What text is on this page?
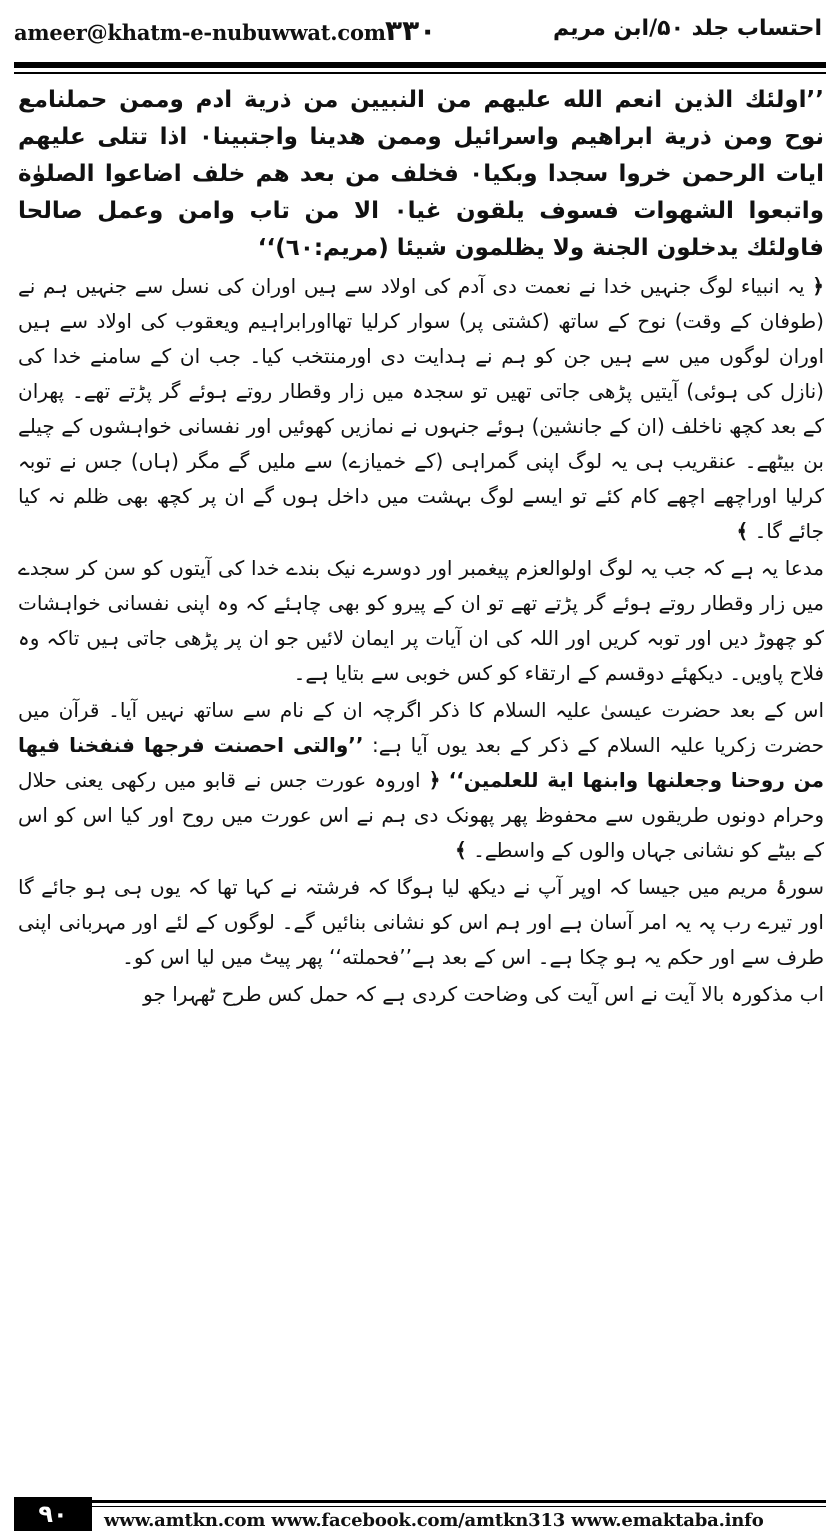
ameer@khatm-e-nubuwwat.com ۳۳۰	احتساب جلد ۵۰/ابن مریم

’’اولئك الذين انعم الله عليهم من النبيين من ذرية ادم وممن حملنامع نوح ومن ذرية ابراهيم واسرائيل وممن هدينا واجتبينا۰ اذا تتلی عليهم ايات الرحمن خروا سجدا وبكيا۰ فخلف من بعد هم خلف اضاعوا الصلوٰة واتبعوا الشهوات فسوف يلقون غيا۰ الا من تاب وامن وعمل صالحا فاولئك يدخلون الجنة ولا يظلمون شيئا (مريم:٦٠)‘‘

﴿ یہ انبیاء لوگ جنہیں خدا نے نعمت دی آدم کی اولاد سے ہیں اوران کی نسل سے جنہیں ہم نے (طوفان کے وقت) نوح کے ساتھ (کشتی پر) سوار کرلیا تھااورابراہیم ویعقوب کی اولاد سے ہیں اوران لوگوں میں سے ہیں جن کو ہم نے ہدایت دی اورمنتخب کیا۔ جب ان کے سامنے خدا کی (نازل کی ہوئی) آیتیں پڑھی جاتی تھیں تو سجدہ میں زار وقطار روتے ہوئے گر پڑتے تھے۔ پھران کے بعد کچھ ناخلف (ان کے جانشین) ہوئے جنہوں نے نمازیں کھوئیں اور نفسانی خواہشوں کے چیلے بن بیٹھے۔ عنقریب ہی یہ لوگ اپنی گمراہی (کے خمیازے) سے ملیں گے مگر (ہاں) جس نے توبہ کرلیا اوراچھے اچھے کام کئے تو ایسے لوگ بہشت میں داخل ہوں گے ان پر کچھ بھی ظلم نہ کیا جائے گا۔ ﴾

مدعا یہ ہے کہ جب یہ لوگ اولوالعزم پیغمبر اور دوسرے نیک بندے خدا کی آیتوں کو سن کر سجدے میں زار وقطار روتے ہوئے گر پڑتے تھے تو ان کے پیرو کو بھی چاہئے کہ وہ اپنی نفسانی خواہشات کو چھوڑ دیں اور توبہ کریں اور اللہ کی ان آیات پر ایمان لائیں جو ان پر پڑھی جاتی ہیں تاکہ وہ فلاح پاویں۔ دیکھئے دوقسم کے ارتقاء کو کس خوبی سے بتایا ہے۔

اس کے بعد حضرت عیسیٰ علیہ السلام کا ذکر اگرچہ ان کے نام سے ساتھ نہیں آیا۔ قرآن میں حضرت زکریا علیہ السلام کے ذکر کے بعد یوں آیا ہے: ’’والتی احصنت فرجها فنفخنا فيها من روحنا وجعلنها وابنها اية للعلمين‘‘ ﴿ اوروہ عورت جس نے قابو میں رکھی یعنی حلال وحرام دونوں طریقوں سے محفوظ پھر پھونک دی ہم نے اس عورت میں روح اور کیا اس کو اس کے بیٹے کو نشانی جہاں والوں کے واسطے۔ ﴾

سورۂ مریم میں جیسا کہ اوپر آپ نے دیکھ لیا ہوگا کہ فرشتہ نے کہا تھا کہ یوں ہی ہو جائے گا اور تیرے رب پہ یہ امر آسان ہے اور ہم اس کو نشانی بنائیں گے۔ لوگوں کے لئے اور مہربانی اپنی طرف سے اور حکم یہ ہو چکا ہے۔ اس کے بعد ہے’’فحملته‘‘ پھر پیٹ میں لیا اس کو۔

اب مذکورہ بالا آیت نے اس آیت کی وضاحت کردی ہے کہ حمل کس طرح ٹھہرا جو

۹۰	www.amtkn.com www.facebook.com/amtkn313 www.emaktaba.info
